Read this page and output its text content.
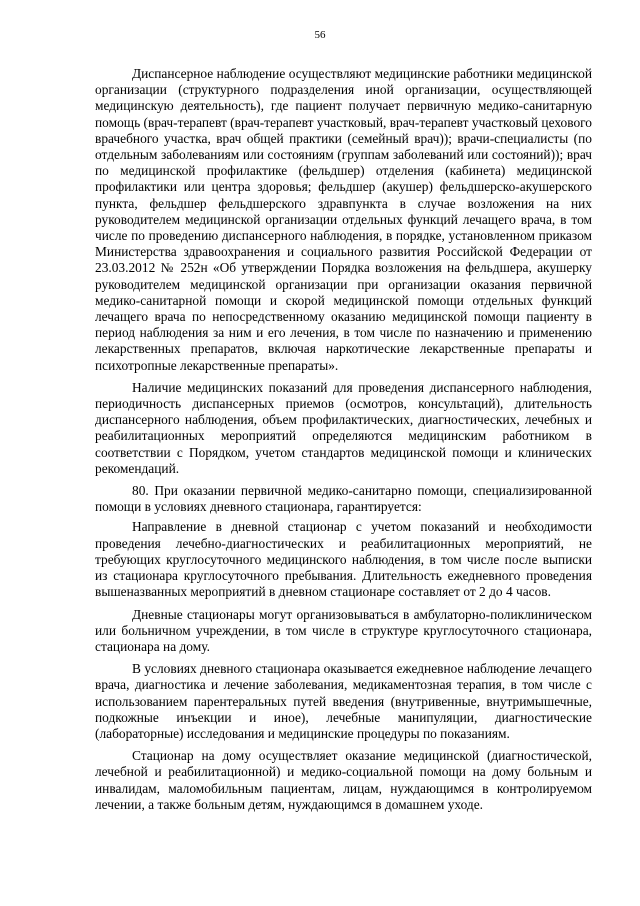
56

Диспансерное наблюдение осуществляют медицинские работники медицинской организации (структурного подразделения иной организации, осуществляющей медицинскую деятельность), где пациент получает первичную медико-санитарную помощь (врач-терапевт (врач-терапевт участковый, врач-терапевт участковый цехового врачебного участка, врач общей практики (семейный врач)); врачи-специалисты (по отдельным заболеваниям или состояниям (группам заболеваний или состояний)); врач по медицинской профилактике (фельдшер) отделения (кабинета) медицинской профилактики или центра здоровья; фельдшер (акушер) фельдшерско-акушерского пункта, фельдшер фельдшерского здравпункта в случае возложения на них руководителем медицинской организации отдельных функций лечащего врача, в том числе по проведению диспансерного наблюдения, в порядке, установленном приказом Министерства здравоохранения и социального развития Российской Федерации от 23.03.2012 № 252н «Об утверждении Порядка возложения на фельдшера, акушерку руководителем медицинской организации при организации оказания первичной медико-санитарной помощи и скорой медицинской помощи отдельных функций лечащего врача по непосредственному оказанию медицинской помощи пациенту в период наблюдения за ним и его лечения, в том числе по назначению и применению лекарственных препаратов, включая наркотические лекарственные препараты и психотропные лекарственные препараты».

Наличие медицинских показаний для проведения диспансерного наблюдения, периодичность диспансерных приемов (осмотров, консультаций), длительность диспансерного наблюдения, объем профилактических, диагностических, лечебных и реабилитационных мероприятий определяются медицинским работником в соответствии с Порядком, учетом стандартов медицинской помощи и клинических рекомендаций.

80. При оказании первичной медико-санитарно помощи, специализированной помощи в условиях дневного стационара, гарантируется:

Направление в дневной стационар с учетом показаний и необходимости проведения лечебно-диагностических и реабилитационных мероприятий, не требующих круглосуточного медицинского наблюдения, в том числе после выписки из стационара круглосуточного пребывания. Длительность ежедневного проведения вышеназванных мероприятий в дневном стационаре составляет от 2 до 4 часов.

Дневные стационары могут организовываться в амбулаторно-поликлиническом или больничном учреждении, в том числе в структуре круглосуточного стационара, стационара на дому.

В условиях дневного стационара оказывается ежедневное наблюдение лечащего врача, диагностика и лечение заболевания, медикаментозная терапия, в том числе с использованием парентеральных путей введения (внутривенные, внутримышечные, подкожные инъекции и иное), лечебные манипуляции, диагностические (лабораторные) исследования и медицинские процедуры по показаниям.

Стационар на дому осуществляет оказание медицинской (диагностической, лечебной и реабилитационной) и медико-социальной помощи на дому больным и инвалидам, маломобильным пациентам, лицам, нуждающимся в контролируемом лечении, а также больным детям, нуждающимся в домашнем уходе.
